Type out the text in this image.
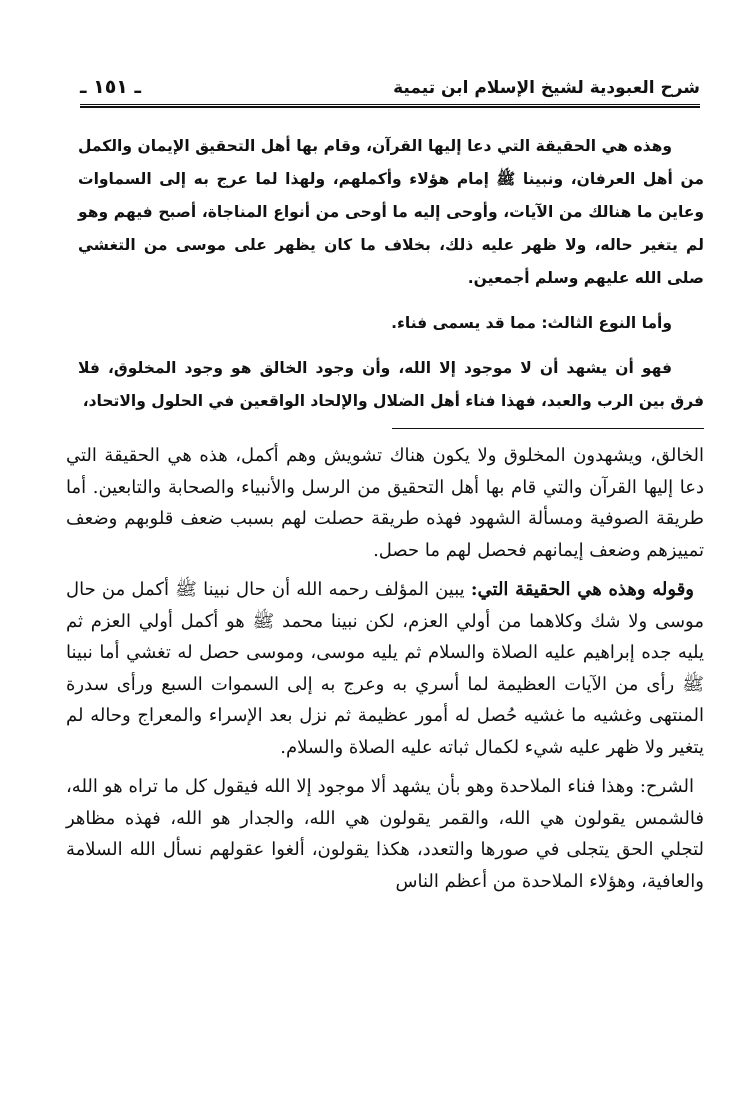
شرح العبودية لشيخ الإسلام ابن تيمية
ـ ١٥١ ـ

وهذه هي الحقيقة التي دعا إليها القرآن، وقام بها أهل التحقيق الإيمان والكمل من أهل العرفان، ونبينا ﷺ إمام هؤلاء وأكملهم، ولهذا لما عرج به إلى السماوات وعاين ما هنالك من الآيات، وأوحى إليه ما أوحى من أنواع المناجاة، أصبح فيهم وهو لم يتغير حاله، ولا ظهر عليه ذلك، بخلاف ما كان يظهر على موسى من التغشي صلى الله عليهم وسلم أجمعين.

وأما النوع الثالث: مما قد يسمى فناء.

فهو أن يشهد أن لا موجود إلا الله، وأن وجود الخالق هو وجود المخلوق، فلا فرق بين الرب والعبد، فهذا فناء أهل الضلال والإلحاد الواقعين في الحلول والاتحاد،

الخالق، ويشهدون المخلوق ولا يكون هناك تشويش وهم أكمل، هذه هي الحقيقة التي دعا إليها القرآن والتي قام بها أهل التحقيق من الرسل والأنبياء والصحابة والتابعين. أما طريقة الصوفية ومسألة الشهود فهذه طريقة حصلت لهم بسبب ضعف قلوبهم وضعف تمييزهم وضعف إيمانهم فحصل لهم ما حصل.

وقوله وهذه هي الحقيقة التي: يبين المؤلف رحمه الله أن حال نبينا ﷺ أكمل من حال موسى ولا شك وكلاهما من أولي العزم، لكن نبينا محمد ﷺ هو أكمل أولي العزم ثم يليه جده إبراهيم عليه الصلاة والسلام ثم يليه موسى، وموسى حصل له تغشي أما نبينا ﷺ رأى من الآيات العظيمة لما أسري به وعرج به إلى السموات السبع ورأى سدرة المنتهى وغشيه ما غشيه حُصل له أمور عظيمة ثم نزل بعد الإسراء والمعراج وحاله لم يتغير ولا ظهر عليه شيء لكمال ثباته عليه الصلاة والسلام.

الشرح: وهذا فناء الملاحدة وهو بأن يشهد ألا موجود إلا الله فيقول كل ما تراه هو الله، فالشمس يقولون هي الله، والقمر يقولون هي الله، والجدار هو الله، فهذه مظاهر لتجلي الحق يتجلى في صورها والتعدد، هكذا يقولون، ألغوا عقولهم نسأل الله السلامة والعافية، وهؤلاء الملاحدة من أعظم الناس
